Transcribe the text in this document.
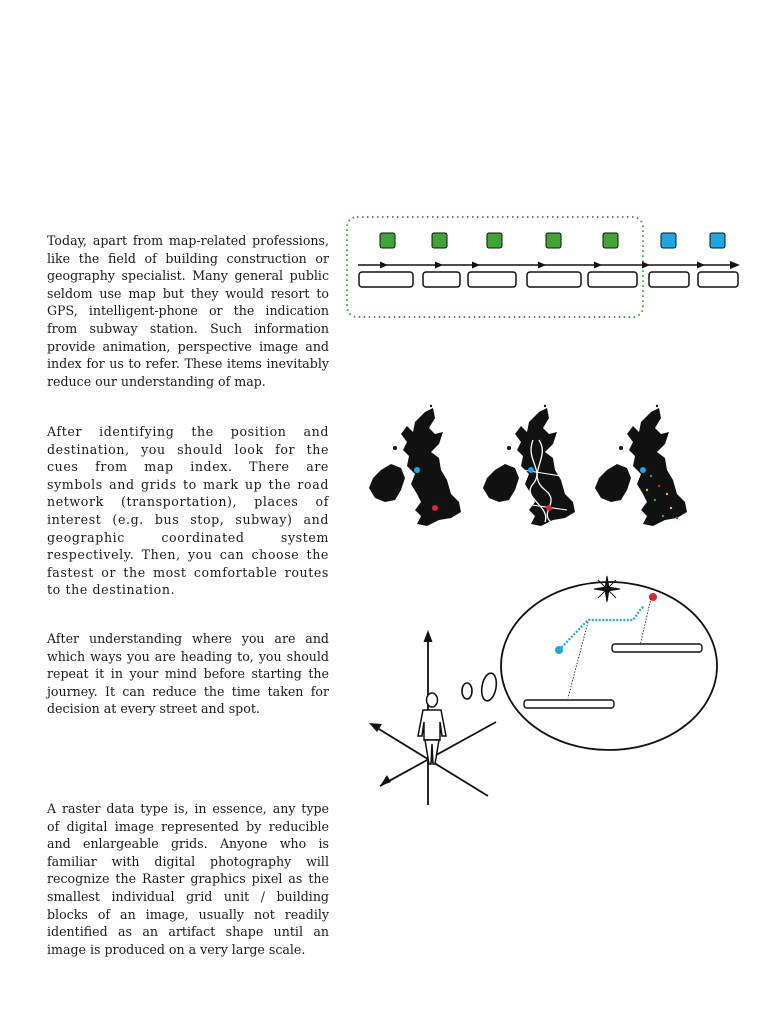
Today, apart from map-related professions, like the field of building construction or geography specialist. Many general public seldom use map but they would resort to GPS, intelligent-phone or the indication from subway station. Such information provide animation, perspective image and index for us to refer. These items inevitably reduce our understanding of map.

After identifying the position and destination, you should look for the cues from map index. There are symbols and grids to mark up the road network (transportation), places of interest (e.g. bus stop, subway) and geographic coordinated system respectively. Then, you can choose the fastest or the most comfortable routes to the destination.

After understanding where you are and which ways you are heading to, you should repeat it in your mind before starting the journey. It can reduce the time taken for decision at every street and spot.

A raster data type is, in essence, any type of digital image represented by reducible and enlargeable grids. Anyone who is familiar with digital photography will recognize the Raster graphics pixel as the smallest individual grid unit / building blocks of an image, usually not readily identified as an artifact shape until an image is produced on a very large scale.
